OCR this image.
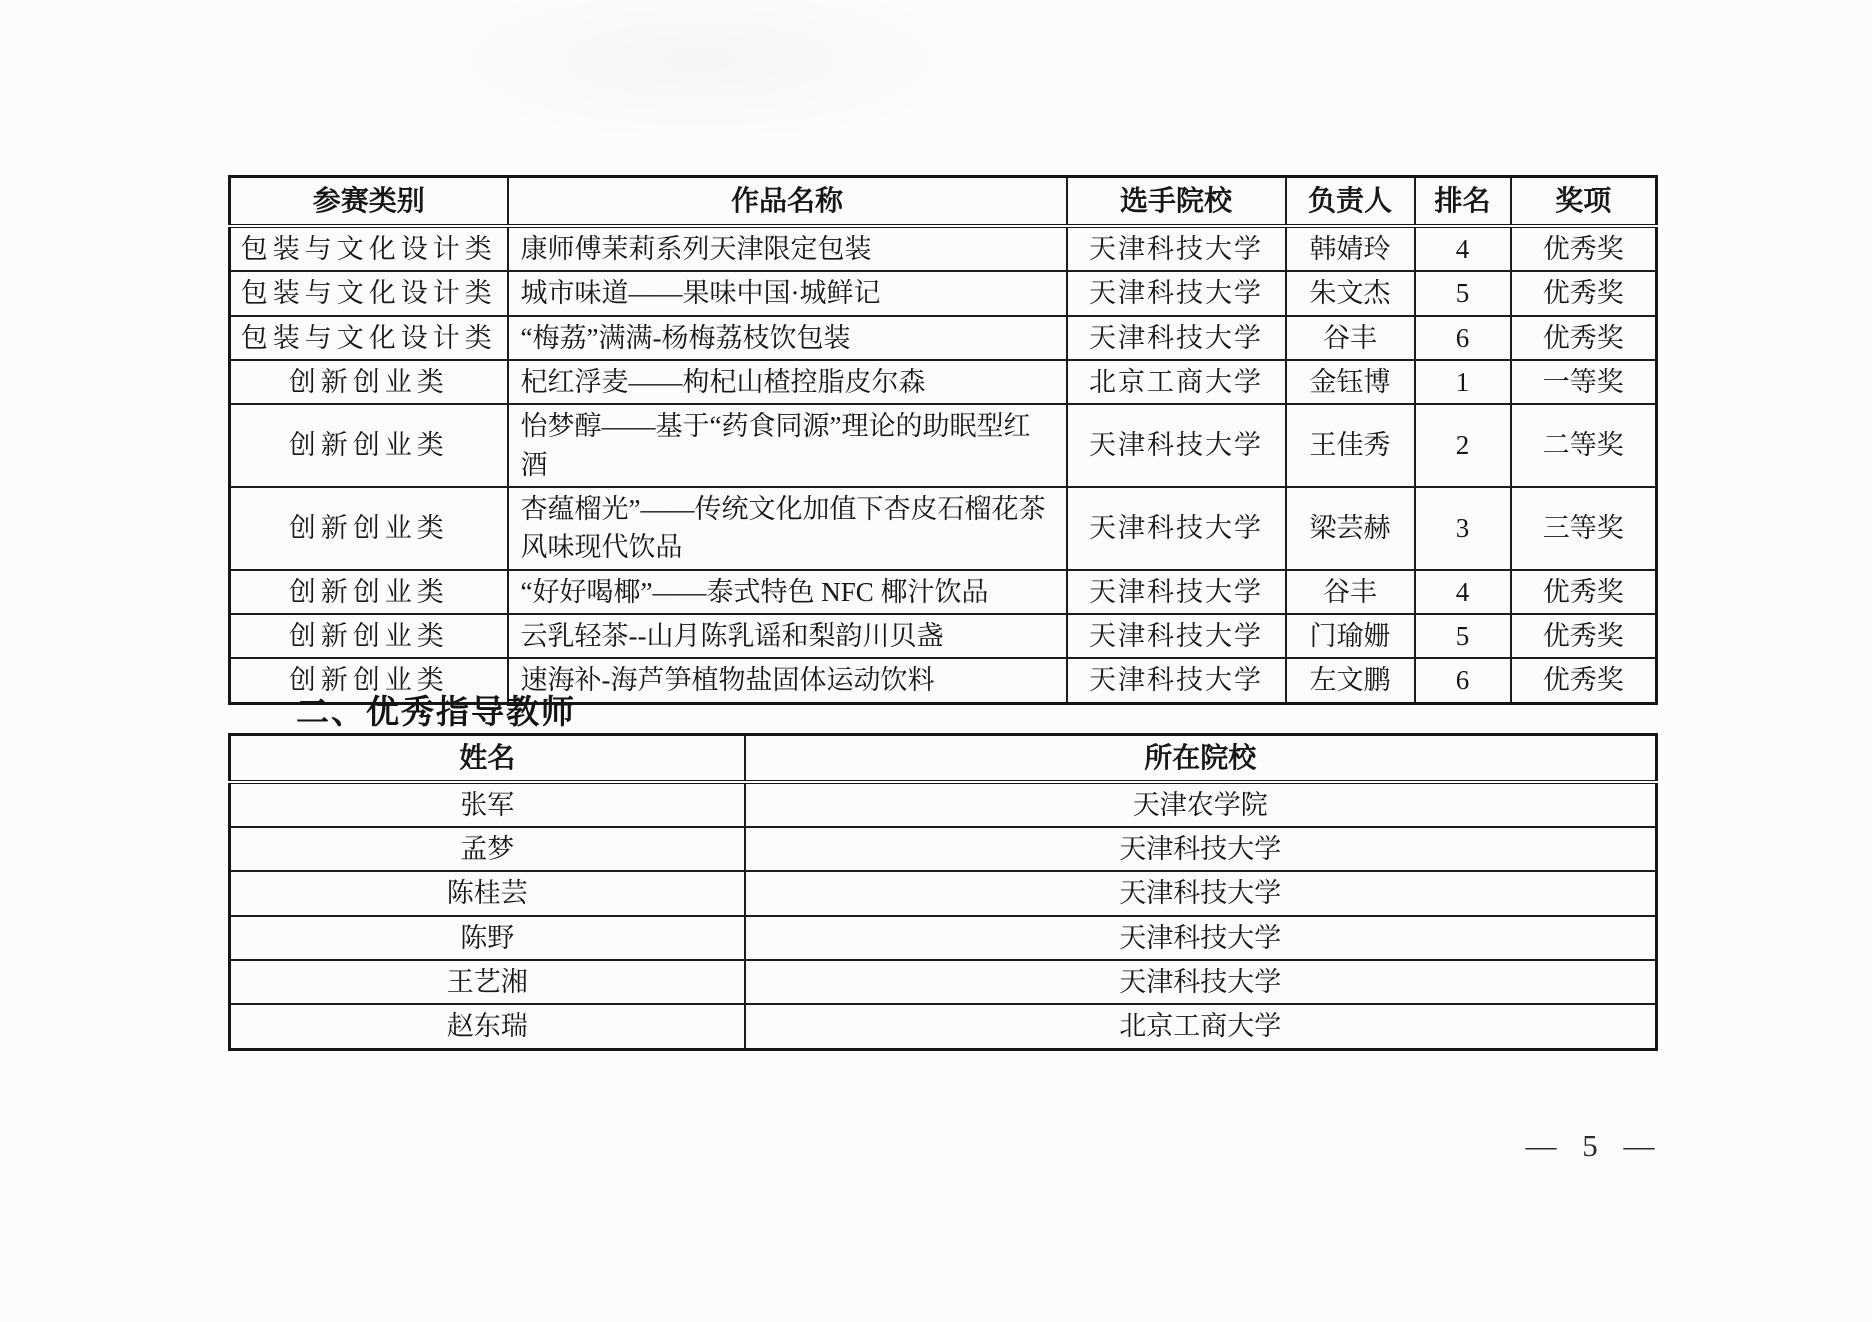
参赛类别	作品名称	选手院校	负责人	排名	奖项
包装与文化设计类	康师傅茉莉系列天津限定包装	天津科技大学	韩婧玲	4	优秀奖
包装与文化设计类	城市味道——果味中国·城鲜记	天津科技大学	朱文杰	5	优秀奖
包装与文化设计类	“梅荔”满满-杨梅荔枝饮包装	天津科技大学	谷丰	6	优秀奖
创新创业类	杞红浮麦——枸杞山楂控脂皮尔森	北京工商大学	金钰博	1	一等奖
创新创业类	怡梦醇——基于“药食同源”理论的助眠型红酒	天津科技大学	王佳秀	2	二等奖
创新创业类	杏蕴榴光”——传统文化加值下杏皮石榴花茶风味现代饮品	天津科技大学	梁芸赫	3	三等奖
创新创业类	“好好喝椰”——泰式特色 NFC 椰汁饮品	天津科技大学	谷丰	4	优秀奖
创新创业类	云乳轻茶--山月陈乳谣和梨韵川贝盏	天津科技大学	门瑜姗	5	优秀奖
创新创业类	速海补-海芦笋植物盐固体运动饮料	天津科技大学	左文鹏	6	优秀奖
二、优秀指导教师
姓名	所在院校
张军	天津农学院
孟梦	天津科技大学
陈桂芸	天津科技大学
陈野	天津科技大学
王艺湘	天津科技大学
赵东瑞	北京工商大学
— 5 —
